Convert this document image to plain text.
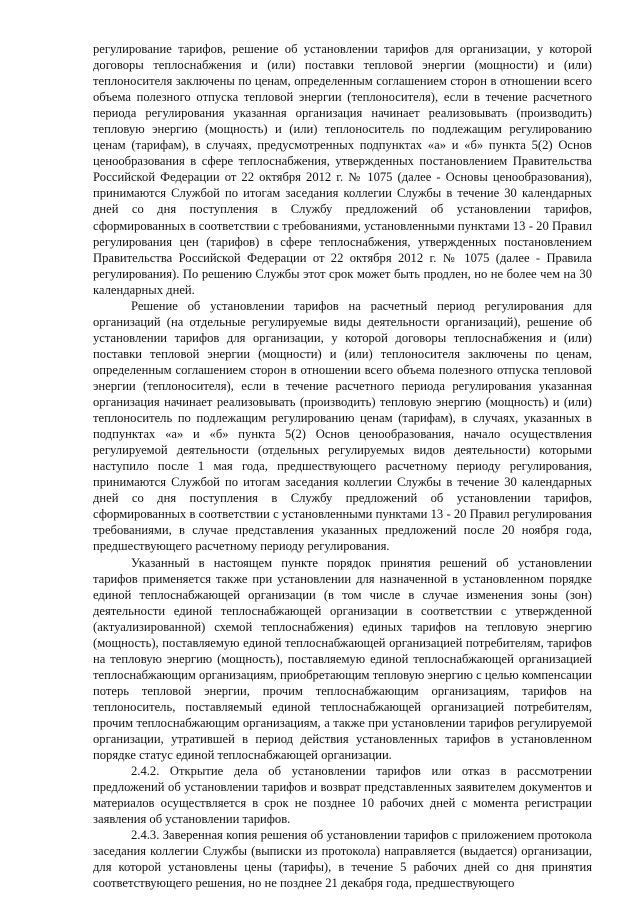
регулирование тарифов, решение об установлении тарифов для организации, у которой договоры теплоснабжения и (или) поставки тепловой энергии (мощности) и (или) теплоносителя заключены по ценам, определенным соглашением сторон в отношении всего объема полезного отпуска тепловой энергии (теплоносителя), если в течение расчетного периода регулирования указанная организация начинает реализовывать (производить) тепловую энергию (мощность) и (или) теплоноситель по подлежащим регулированию ценам (тарифам), в случаях, предусмотренных подпунктах «а» и «б» пункта 5(2) Основ ценообразования в сфере теплоснабжения, утвержденных постановлением Правительства Российской Федерации от 22 октября 2012 г. № 1075 (далее - Основы ценообразования), принимаются Службой по итогам заседания коллегии Службы в течение 30 календарных дней со дня поступления в Службу предложений об установлении тарифов, сформированных в соответствии с требованиями, установленными пунктами 13 - 20 Правил регулирования цен (тарифов) в сфере теплоснабжения, утвержденных постановлением Правительства Российской Федерации от 22 октября 2012 г. № 1075 (далее - Правила регулирования). По решению Службы этот срок может быть продлен, но не более чем на 30 календарных дней.

Решение об установлении тарифов на расчетный период регулирования для организаций (на отдельные регулируемые виды деятельности организаций), решение об установлении тарифов для организации, у которой договоры теплоснабжения и (или) поставки тепловой энергии (мощности) и (или) теплоносителя заключены по ценам, определенным соглашением сторон в отношении всего объема полезного отпуска тепловой энергии (теплоносителя), если в течение расчетного периода регулирования указанная организация начинает реализовывать (производить) тепловую энергию (мощность) и (или) теплоноситель по подлежащим регулированию ценам (тарифам), в случаях, указанных в подпунктах «а» и «б» пункта 5(2) Основ ценообразования, начало осуществления регулируемой деятельности (отдельных регулируемых видов деятельности) которыми наступило после 1 мая года, предшествующего расчетному периоду регулирования, принимаются Службой по итогам заседания коллегии Службы в течение 30 календарных дней со дня поступления в Службу предложений об установлении тарифов, сформированных в соответствии с установленными пунктами 13 - 20 Правил регулирования требованиями, в случае представления указанных предложений после 20 ноября года, предшествующего расчетному периоду регулирования.

Указанный в настоящем пункте порядок принятия решений об установлении тарифов применяется также при установлении для назначенной в установленном порядке единой теплоснабжающей организации (в том числе в случае изменения зоны (зон) деятельности единой теплоснабжающей организации в соответствии с утвержденной (актуализированной) схемой теплоснабжения) единых тарифов на тепловую энергию (мощность), поставляемую единой теплоснабжающей организацией потребителям, тарифов на тепловую энергию (мощность), поставляемую единой теплоснабжающей организацией теплоснабжающим организациям, приобретающим тепловую энергию с целью компенсации потерь тепловой энергии, прочим теплоснабжающим организациям, тарифов на теплоноситель, поставляемый единой теплоснабжающей организацией потребителям, прочим теплоснабжающим организациям, а также при установлении тарифов регулируемой организации, утратившей в период действия установленных тарифов в установленном порядке статус единой теплоснабжающей организации.

2.4.2. Открытие дела об установлении тарифов или отказ в рассмотрении предложений об установлении тарифов и возврат представленных заявителем документов и материалов осуществляется в срок не позднее 10 рабочих дней с момента регистрации заявления об установлении тарифов.

2.4.3. Заверенная копия решения об установлении тарифов с приложением протокола заседания коллегии Службы (выписки из протокола) направляется (выдается) организации, для которой установлены цены (тарифы), в течение 5 рабочих дней со дня принятия соответствующего решения, но не позднее 21 декабря года, предшествующего
